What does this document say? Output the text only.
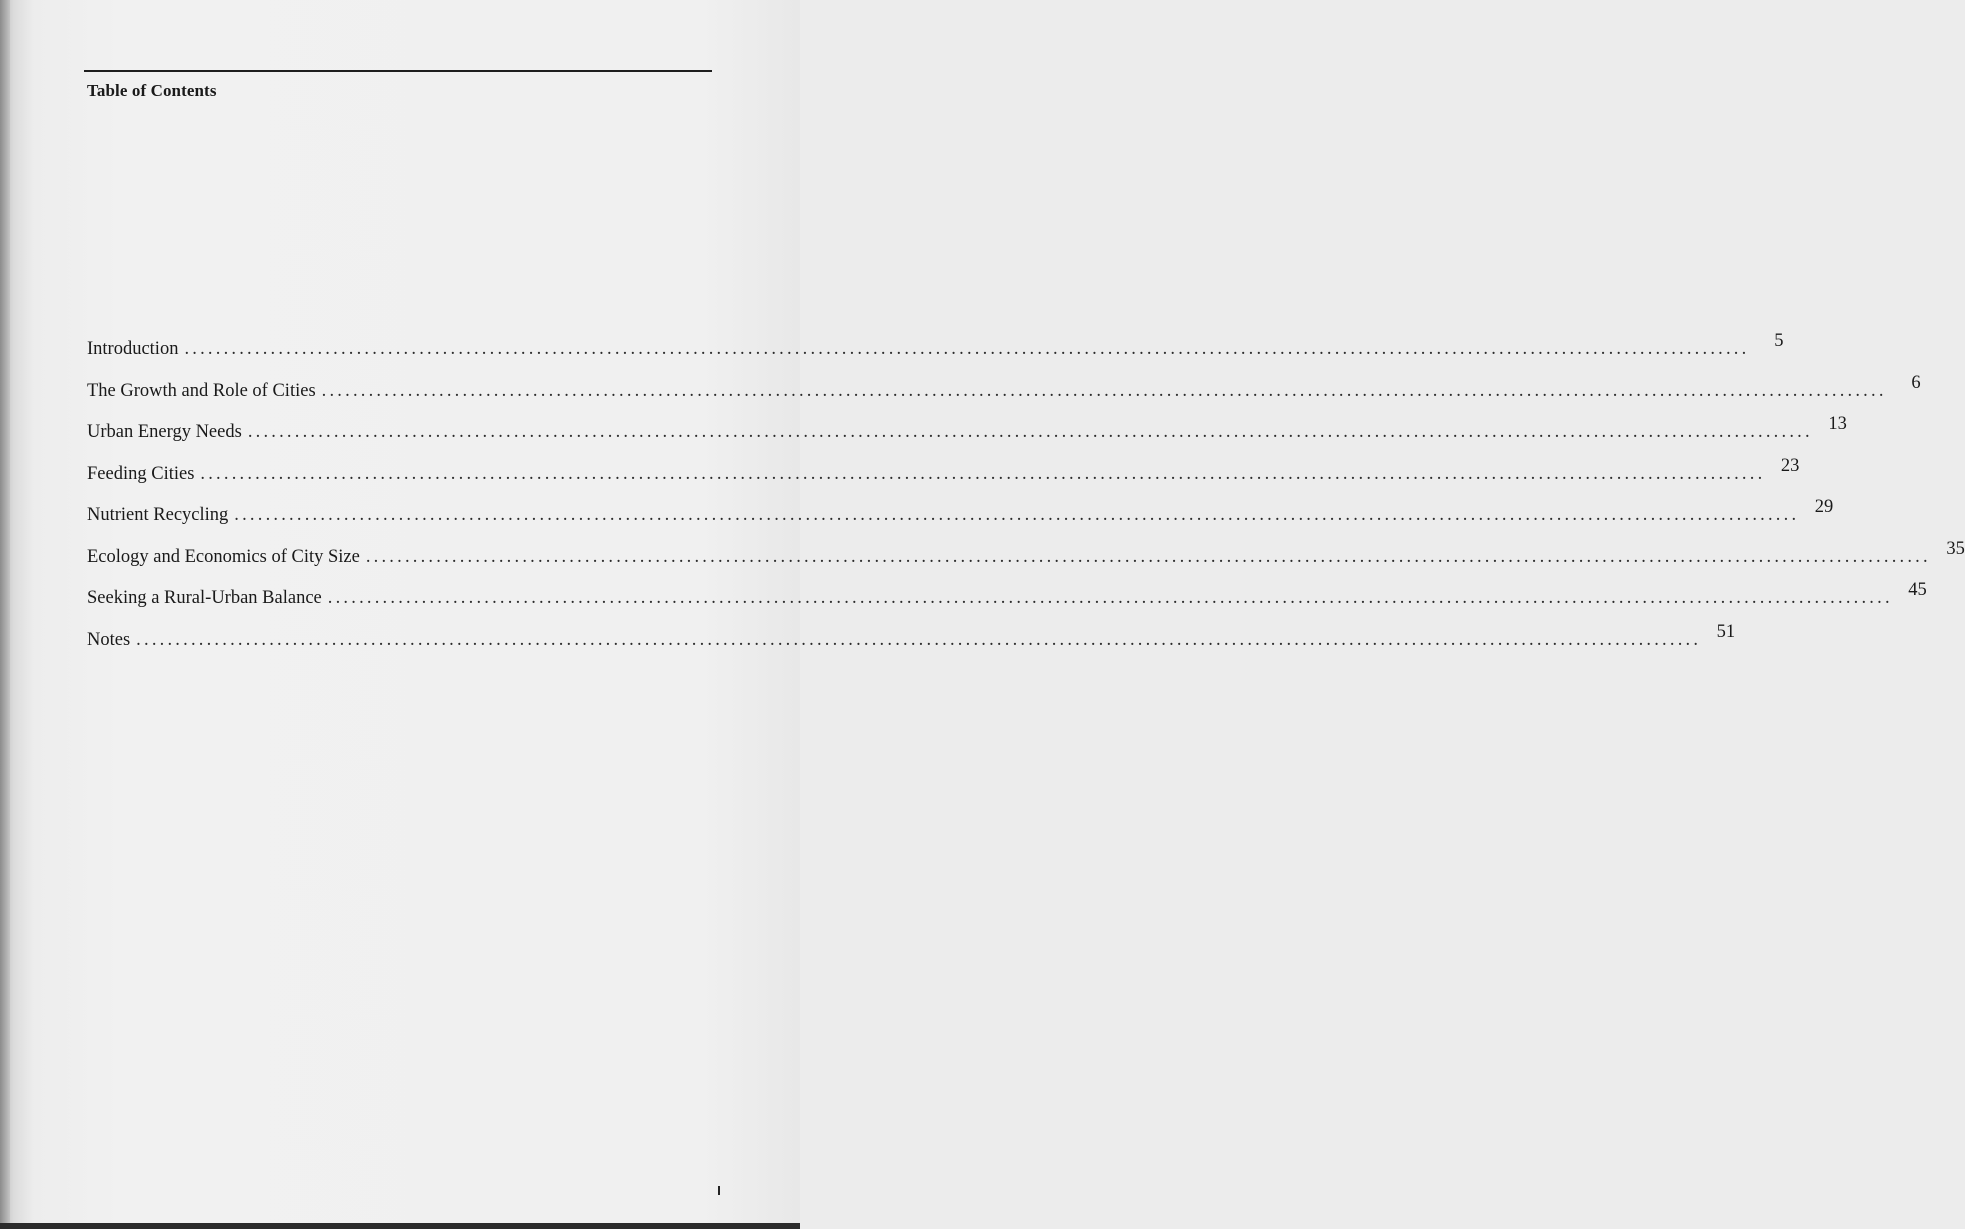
Table of Contents
Introduction ........................................................................................................................................................................................................	5
The Growth and Role of Cities ........................................................................................................................................................................................................	6
Urban Energy Needs ........................................................................................................................................................................................................ 13
Feeding Cities ........................................................................................................................................................................................................ 23
Nutrient Recycling ........................................................................................................................................................................................................ 29
Ecology and Economics of City Size ........................................................................................................................................................................................................ 35
Seeking a Rural-Urban Balance ........................................................................................................................................................................................................ 45
Notes ........................................................................................................................................................................................................ 51
